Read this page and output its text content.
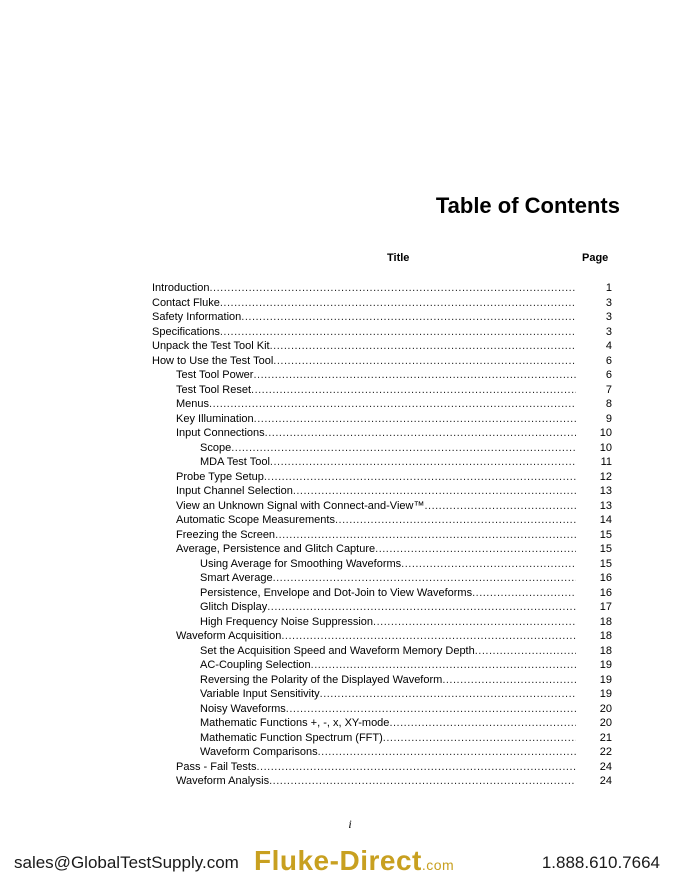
Table of Contents
Title	Page
Introduction .....	1
Contact Fluke .....	3
Safety Information .....	3
Specifications .....	3
Unpack the Test Tool Kit .....	4
How to Use the Test Tool .....	6
Test Tool Power .....	6
Test Tool Reset .....	7
Menus .....	8
Key Illumination .....	9
Input Connections .....	10
Scope .....	10
MDA Test Tool .....	11
Probe Type Setup .....	12
Input Channel Selection .....	13
View an Unknown Signal with Connect-and-View™ .....	13
Automatic Scope Measurements .....	14
Freezing the Screen .....	15
Average, Persistence and Glitch Capture .....	15
Using Average for Smoothing Waveforms .....	15
Smart Average .....	16
Persistence, Envelope and Dot-Join to View Waveforms .....	16
Glitch Display .....	17
High Frequency Noise Suppression .....	18
Waveform Acquisition .....	18
Set the Acquisition Speed and Waveform Memory Depth .....	18
AC-Coupling Selection .....	19
Reversing the Polarity of the Displayed Waveform .....	19
Variable Input Sensitivity .....	19
Noisy Waveforms .....	20
Mathematic Functions +, -, x, XY-mode .....	20
Mathematic Function Spectrum (FFT) .....	21
Waveform Comparisons .....	22
Pass - Fail Tests .....	24
Waveform Analysis .....	24
i
sales@GlobalTestSupply.com Fluke-Direct.com	1.888.610.7664
